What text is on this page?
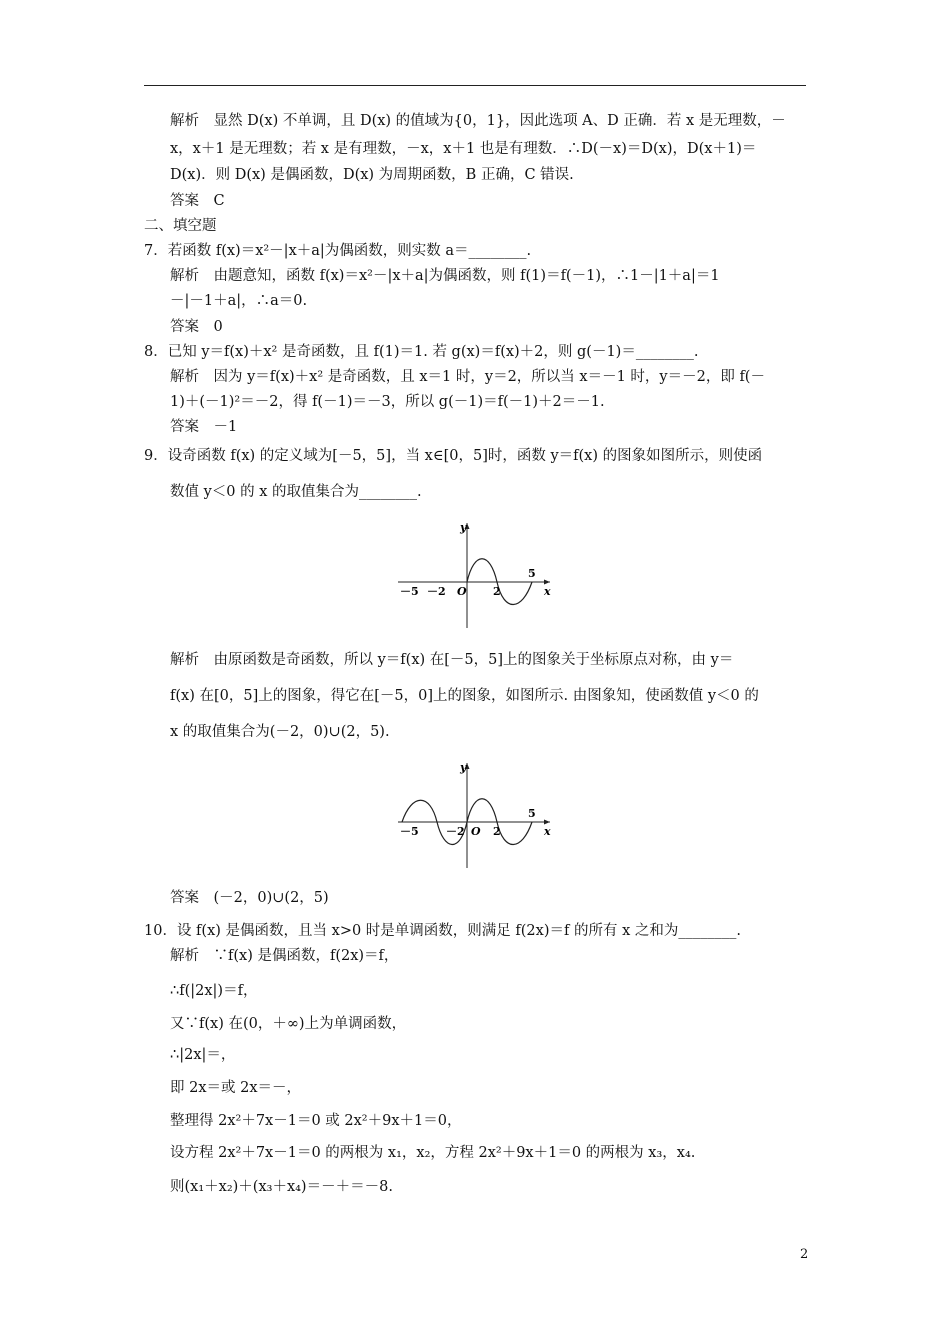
解析　显然 D(x) 不单调，且 D(x) 的值域为{0，1}，因此选项 A、D 正确．若 x 是无理数，－
x，x＋1 是无理数；若 x 是有理数，－x，x＋1 也是有理数．∴D(－x)＝D(x)，D(x＋1)＝
D(x)．则 D(x) 是偶函数，D(x) 为周期函数，B 正确，C 错误.
答案　C
二、填空题
7．若函数 f(x)＝x²－|x＋a|为偶函数，则实数 a＝________.
解析　由题意知，函数 f(x)＝x²－|x＋a|为偶函数，则 f(1)＝f(－1)，∴1－|1＋a|＝1
－|－1＋a|，∴a＝0.
答案　0
8．已知 y＝f(x)＋x² 是奇函数，且 f(1)＝1. 若 g(x)＝f(x)＋2，则 g(－1)＝________.
解析　因为 y＝f(x)＋x² 是奇函数，且 x＝1 时，y＝2，所以当 x＝－1 时，y＝－2，即 f(－
1)＋(－1)²＝－2，得 f(－1)＝－3，所以 g(－1)＝f(－1)＋2＝－1.
答案　－1
9．设奇函数 f(x) 的定义域为[－5，5]，当 x∈[0，5]时，函数 y＝f(x) 的图象如图所示，则使函
数值 y＜0 的 x 的取值集合为________.
解析　由原函数是奇函数，所以 y＝f(x) 在[－5，5]上的图象关于坐标原点对称，由 y＝
f(x) 在[0，5]上的图象，得它在[－5，0]上的图象，如图所示. 由图象知，使函数值 y＜0 的
x 的取值集合为(－2，0)∪(2，5).
答案　(－2，0)∪(2，5)
10．设 f(x) 是偶函数，且当 x>0 时是单调函数，则满足 f(2x)＝f 的所有 x 之和为________.
解析　∵f(x) 是偶函数，f(2x)＝f，
∴f(|2x|)＝f，
又∵f(x) 在(0，＋∞)上为单调函数，
∴|2x|＝，
即 2x＝或 2x＝－，
整理得 2x²＋7x－1＝0 或 2x²＋9x＋1＝0，
设方程 2x²＋7x－1＝0 的两根为 x₁，x₂，方程 2x²＋9x＋1＝0 的两根为 x₃，x₄.
则(x₁＋x₂)＋(x₃＋x₄)＝－＋＝－8.
y
x
O
－5 －2	2
5
y
x
O
－5 －2	2
5
2
